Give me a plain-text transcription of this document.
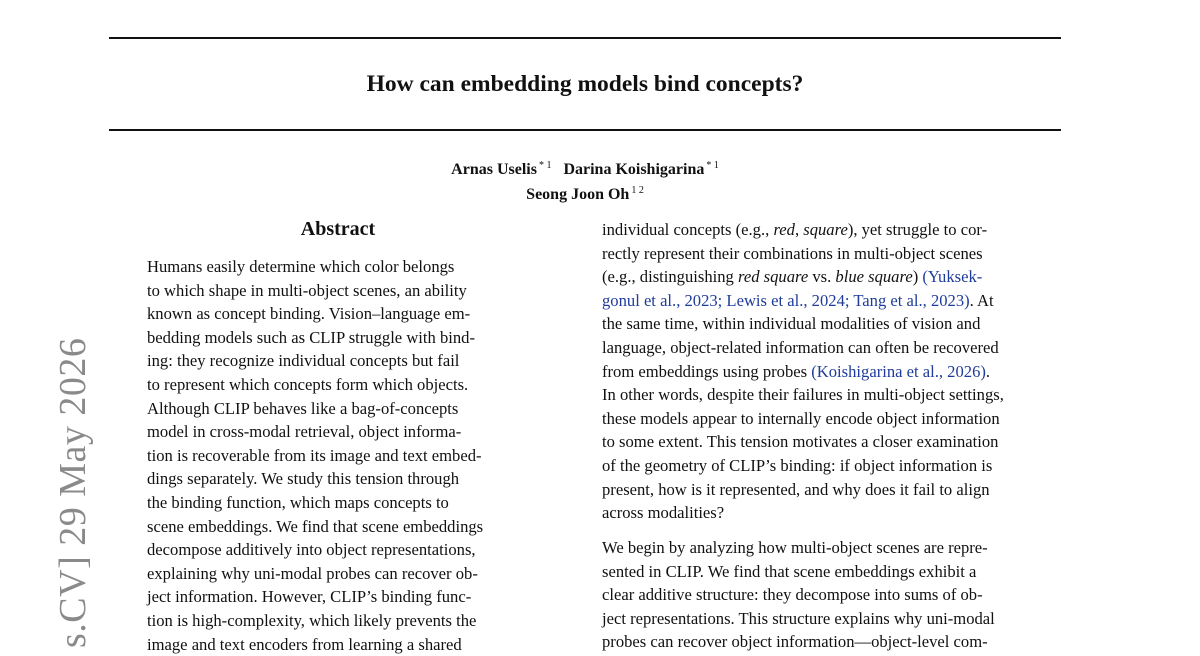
How can embedding models bind concepts?
Arnas Uselis $^{* 1}$ Darina Koishigarina $^{* 1}$
Seong Joon Oh $^{1 2}$
Abstract
Humans easily determine which color belongs
to which shape in multi-object scenes, an ability
known as concept binding. Vision–language em-
bedding models such as CLIP struggle with bind-
ing: they recognize individual concepts but fail
to represent which concepts form which objects.
Although CLIP behaves like a bag-of-concepts
model in cross-modal retrieval, object informa-
tion is recoverable from its image and text embed-
dings separately. We study this tension through
the binding function, which maps concepts to
scene embeddings. We find that scene embeddings
decompose additively into object representations,
explaining why uni-modal probes can recover ob-
ject information. However, CLIP’s binding func-
tion is high-complexity, which likely prevents the
image and text encoders from learning a shared
individual concepts (e.g., red, square), yet struggle to cor-
rectly represent their combinations in multi-object scenes
(e.g., distinguishing red square vs. blue square) (Yuksek-
gonul et al., 2023; Lewis et al., 2024; Tang et al., 2023). At
the same time, within individual modalities of vision and
language, object-related information can often be recovered
from embeddings using probes (Koishigarina et al., 2026).
In other words, despite their failures in multi-object settings,
these models appear to internally encode object information
to some extent. This tension motivates a closer examination
of the geometry of CLIP’s binding: if object information is
present, how is it represented, and why does it fail to align
across modalities?
We begin by analyzing how multi-object scenes are repre-
sented in CLIP. We find that scene embeddings exhibit a
clear additive structure: they decompose into sums of ob-
ject representations. This structure explains why uni-modal
probes can recover object information—object-level com-
s.CV] 29 May 2026
